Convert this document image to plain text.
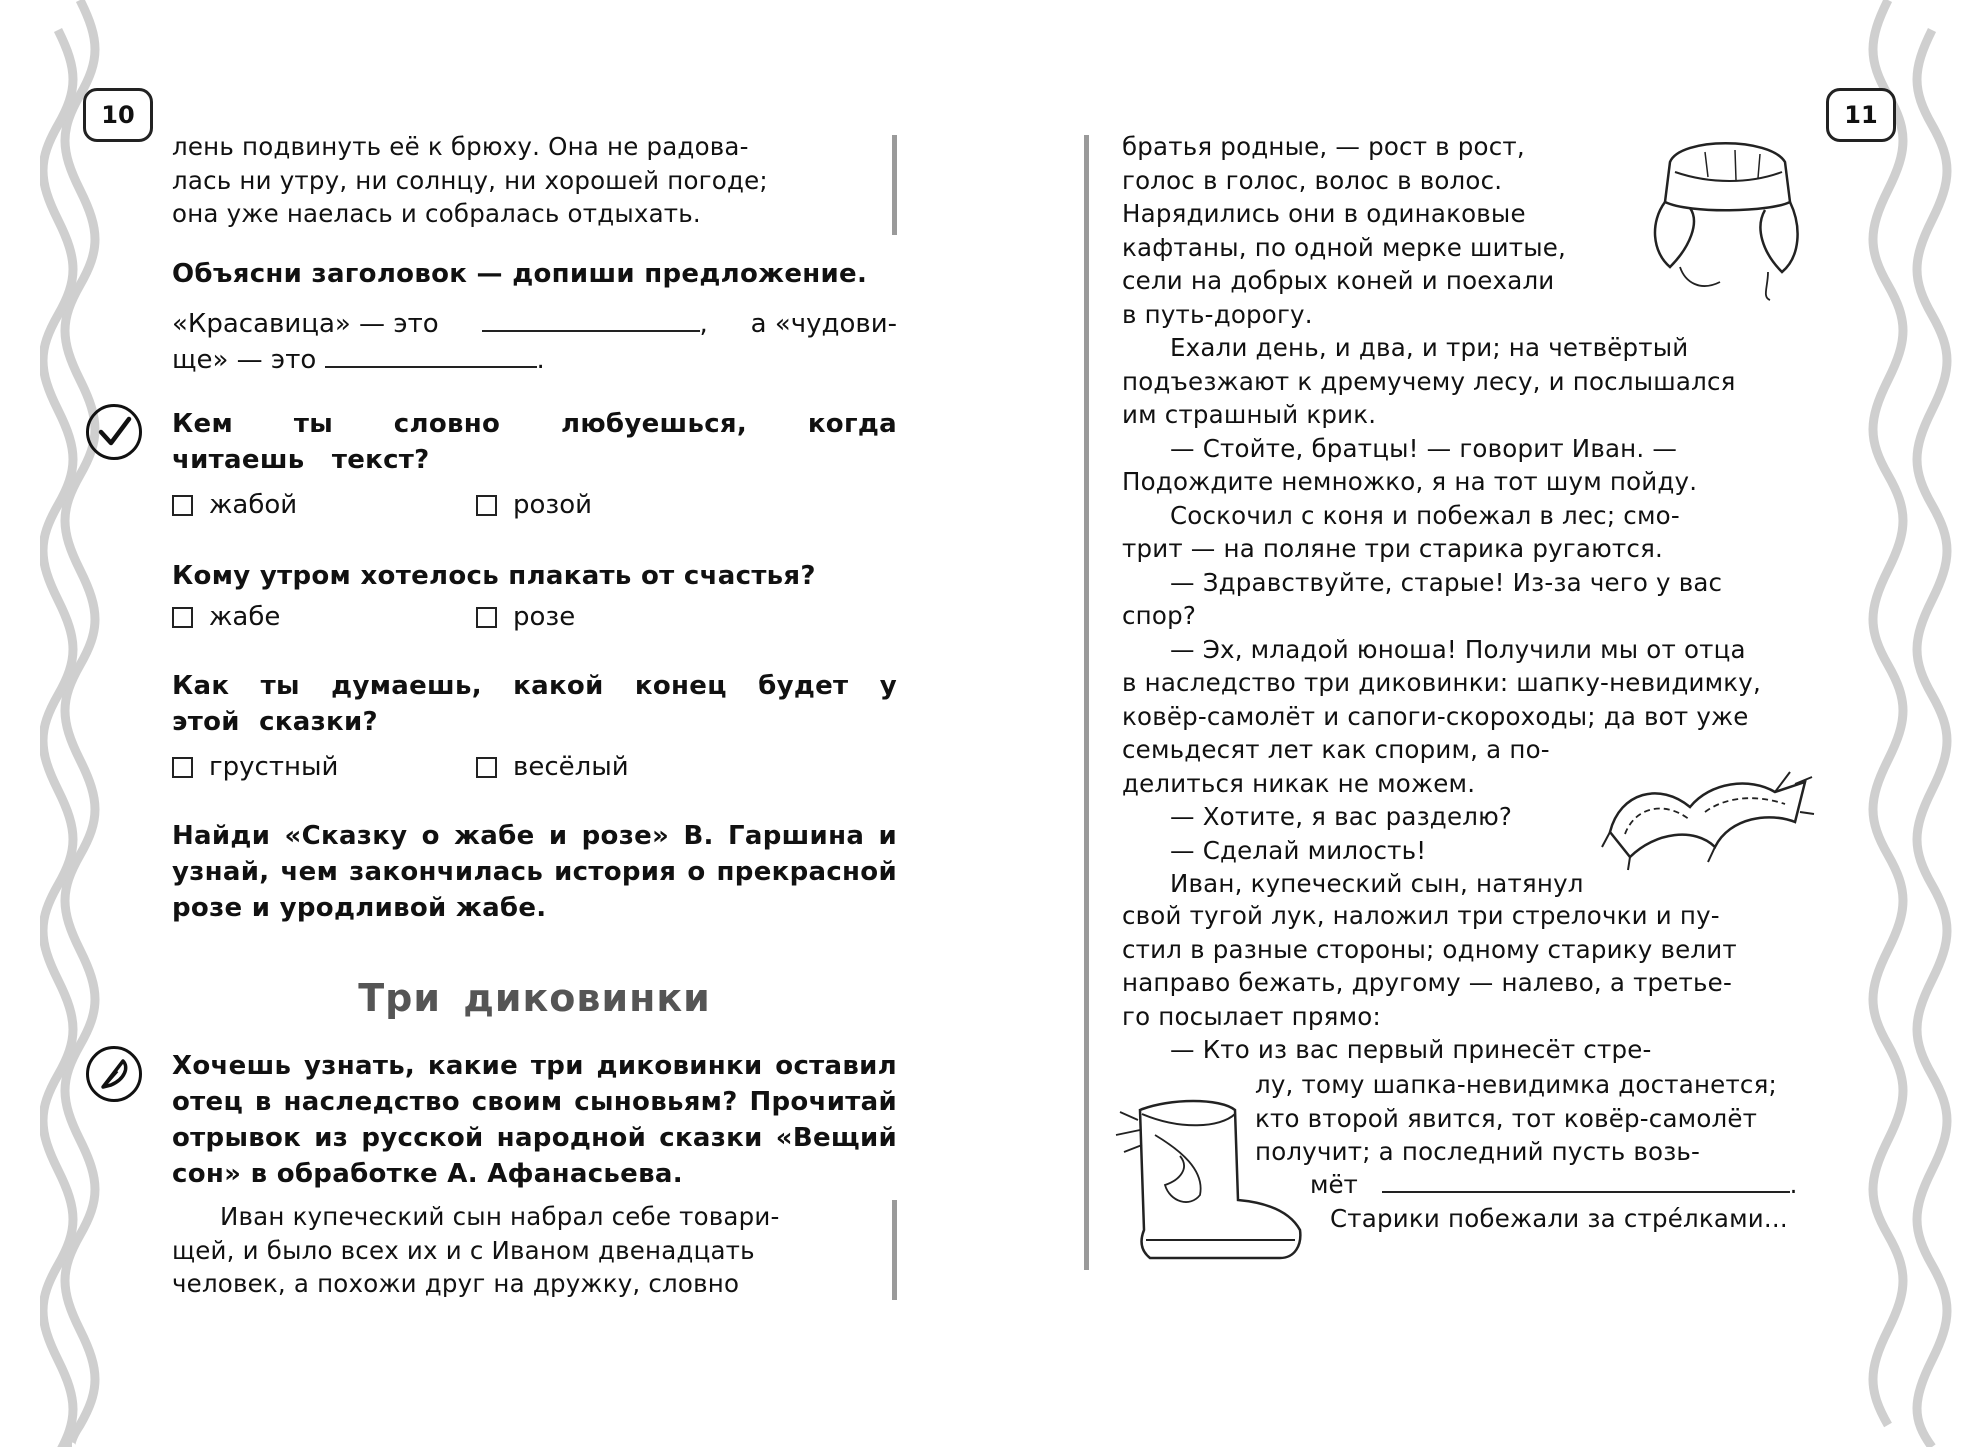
10	11
лень подвинуть её к брюху. Она не радова-
лась ни утру, ни солнцу, ни хорошей погоде;
она уже наелась и собралась отдыхать.
Объясни заголовок — допиши предложение.
«Красавица» — это	, а «чудови-
ще» — это	.
Кем ты словно любуешься, когда читаешь текст?
жабой	розой
Кому утром хотелось плакать от счастья?
жабе	розе
Как ты думаешь, какой конец будет у этой сказки?
грустный	весёлый
Найди «Сказку о жабе и розе» В. Гаршина и узнай, чем закончилась история о прекрасной розе и уродливой жабе.
Три диковинки
Хочешь узнать, какие три диковинки оставил отец в наследство своим сыновьям? Прочитай отрывок из русской народной сказки «Вещий сон» в обработке А. Афанасьева.
Иван купеческий сын набрал себе товари-
щей, и было всех их и с Иваном двенадцать
человек, а похожи друг на дружку, словно
братья родные, — рост в рост,
голос в голос, волос в волос.
Нарядились они в одинаковые
кафтаны, по одной мерке шитые,
сели на добрых коней и поехали
в путь-дорогу.
Ехали день, и два, и три; на четвёртый
подъезжают к дремучему лесу, и послышался
им страшный крик.
— Стойте, братцы! — говорит Иван. —
Подождите немножко, я на тот шум пойду.
Соскочил с коня и побежал в лес; смо-
трит — на поляне три старика ругаются.
— Здравствуйте, старые! Из-за чего у вас
спор?
— Эх, младой юноша! Получили мы от отца
в наследство три диковинки: шапку-невидимку,
ковёр-самолёт и сапоги-скороходы; да вот уже
семьдесят лет как спорим, а по-
делиться никак не можем.
— Хотите, я вас разделю?
— Сделай милость!
Иван, купеческий сын, натянул
свой тугой лук, наложил три стрелочки и пу-
стил в разные стороны; одному старику велит
направо бежать, другому — налево, а третье-
го посылает прямо:
— Кто из вас первый принесёт стре-
лу, тому шапка-невидимка достанется;
кто второй явится, тот ковёр-самолёт
получит; а последний пусть возь-
мёт	.
Старики побежали за стрéлками...
